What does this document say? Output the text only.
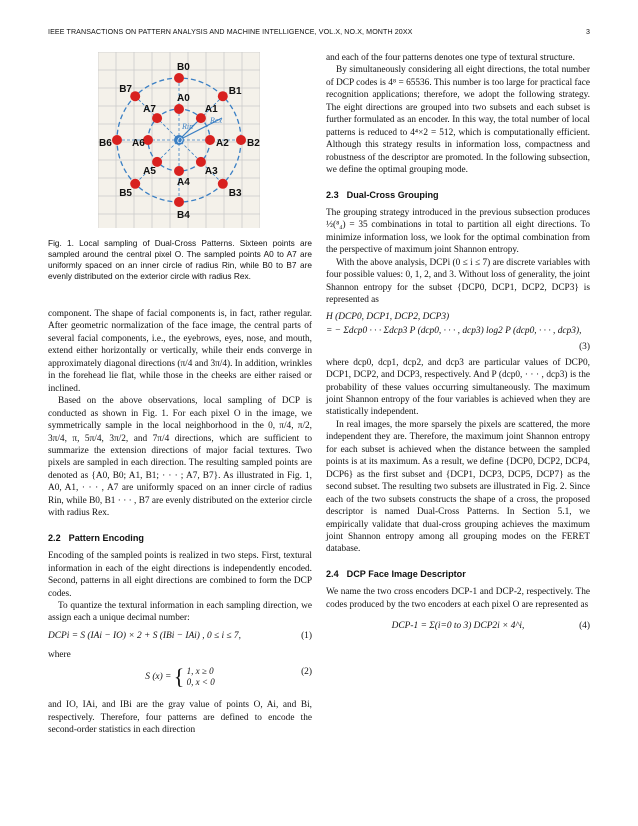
IEEE TRANSACTIONS ON PATTERN ANALYSIS AND MACHINE INTELLIGENCE, VOL.X, NO.X, MONTH 20XX	3
O
A0
B0
A1
B1
A2 B2
A3
B3
A4
B4
A5
B5
A6
B6
A7
B7
Rin
Rex

Fig. 1. Local sampling of Dual-Cross Patterns. Sixteen points are sampled around the central pixel O. The sampled points A0 to A7 are uniformly spaced on an inner circle of radius Rin, while B0 to B7 are evenly distributed on the exterior circle with radius Rex.

component. The shape of facial components is, in fact, rather regular. After geometric normalization of the face image, the central parts of several facial components, i.e., the eyebrows, eyes, nose, and mouth, extend either horizontally or vertically, while their ends converge in approximately diagonal directions (π/4 and 3π/4). In addition, wrinkles in the forehead lie flat, while those in the cheeks are either raised or inclined.

Based on the above observations, local sampling of DCP is conducted as shown in Fig. 1. For each pixel O in the image, we symmetrically sample in the local neighborhood in the 0, π/4, π/2, 3π/4, π, 5π/4, 3π/2, and 7π/4 directions, which are sufficient to summarize the extension directions of major facial textures. Two pixels are sampled in each direction. The resulting sampled points are denoted as {A0, B0; A1, B1; · · · ; A7, B7}. As illustrated in Fig. 1, A0, A1, · · · , A7 are uniformly spaced on an inner circle of radius Rin, while B0, B1 · · · , B7 are evenly distributed on the exterior circle with radius Rex.

2.2 Pattern Encoding

Encoding of the sampled points is realized in two steps. First, textural information in each of the eight directions is independently encoded. Second, patterns in all eight directions are combined to form the DCP codes.

To quantize the textural information in each sampling direction, we assign each a unique decimal number:

DCPi = S (IAi − IO) × 2 + S (IBi − IAi) , 0 ≤ i ≤ 7,	(1)

where

S (x) = { 1, x ≥ 0
0, x < 0
(2)

and IO, IAi, and IBi are the gray value of points O, Ai, and Bi, respectively. Therefore, four patterns are defined to encode the second-order statistics in each direction

and each of the four patterns denotes one type of textural structure.

By simultaneously considering all eight directions, the total number of DCP codes is 4⁸ = 65536. This number is too large for practical face recognition applications; therefore, we adopt the following strategy. The eight directions are grouped into two subsets and each subset is further formulated as an encoder. In this way, the total number of local patterns is reduced to 4⁴×2 = 512, which is computationally efficient. Although this strategy results in information loss, compactness and robustness of the descriptor are promoted. In the following subsection, we define the optimal grouping mode.

2.3 Dual-Cross Grouping

The grouping strategy introduced in the previous subsection produces ½(⁸₄) = 35 combinations in total to partition all eight directions. To minimize information loss, we look for the optimal combination from the perspective of maximum joint Shannon entropy.

With the above analysis, DCPi (0 ≤ i ≤ 7) are discrete variables with four possible values: 0, 1, 2, and 3. Without loss of generality, the joint Shannon entropy for the subset {DCP0, DCP1, DCP2, DCP3} is represented as

H (DCP0, DCP1, DCP2, DCP3)
= − Σdcp0 · · · Σdcp3 P (dcp0, · · · , dcp3) log2 P (dcp0, · · · , dcp3),
(3)

where dcp0, dcp1, dcp2, and dcp3 are particular values of DCP0, DCP1, DCP2, and DCP3, respectively. And P (dcp0, · · · , dcp3) is the probability of these values occurring simultaneously. The maximum joint Shannon entropy of the four variables is achieved when they are statistically independent.

In real images, the more sparsely the pixels are scattered, the more independent they are. Therefore, the maximum joint Shannon entropy for each subset is achieved when the distance between the sampled points is at its maximum. As a result, we define {DCP0, DCP2, DCP4, DCP6} as the first subset and {DCP1, DCP3, DCP5, DCP7} as the second subset. The resulting two subsets are illustrated in Fig. 2. Since each of the two subsets constructs the shape of a cross, the proposed descriptor is named Dual-Cross Patterns. In Section 5.1, we empirically validate that dual-cross grouping achieves the maximum joint Shannon entropy among all grouping modes on the FERET database.

2.4 DCP Face Image Descriptor

We name the two cross encoders DCP-1 and DCP-2, respectively. The codes produced by the two encoders at each pixel O are represented as

DCP-1 = Σ(i=0 to 3) DCP2i × 4^i,	(4)
